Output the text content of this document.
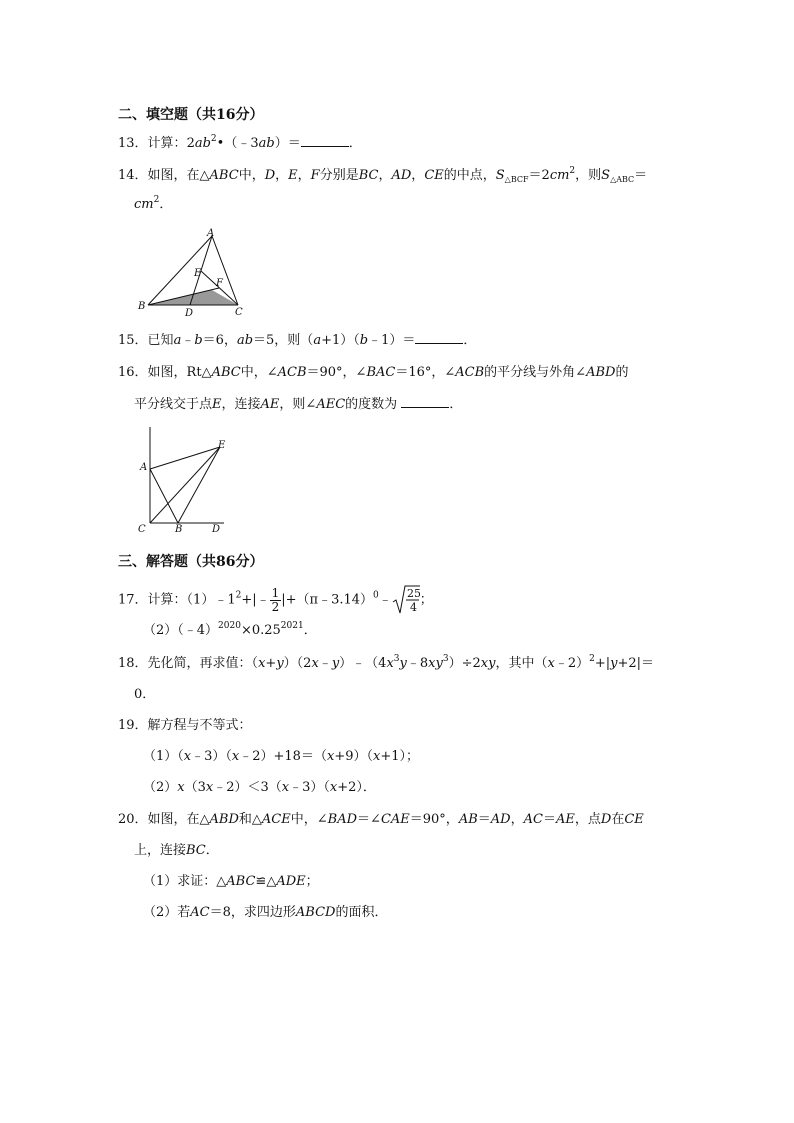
二、填空题（共16分）
13．计算：$2ab^2•(﹣3ab)=$	．
14．如图，在△ABC中，D，E，F分别是BC，AD，CE的中点，$S_{\triangle BCF}=2cm^2$，则$S_{\triangle ABC}=$
$cm^2$．
A
B
C
D
E
F
15．已知a﹣b＝6，ab＝5，则（a+1）（b﹣1）＝	．
16．如图，Rt△ABC中，∠ACB＝90°，∠BAC＝16°，∠ACB的平分线与外角∠ABD的
平分线交于点E，连接AE，则∠AEC的度数为	．
A
C	B	D
E
三、解答题（共86分）
17．计算：$(1)﹣1^2+|﹣ \frac{1}{2}$ |+（π﹣3.14）$^0$﹣ 25
4 ；
$(2)(﹣4)^{2020}\times 0.25^{2021}$．
18．先化简，再求值：$(x+y)(2x﹣y)﹣(4x^3y﹣8xy^3)\div 2xy$，其中（x﹣2）$^2$+|y+2|＝
0．
19．解方程与不等式：
（1）（x﹣3）（x﹣2）+18＝（x+9）（x+1）；
（2）x（3x﹣2）＜3（x﹣3）（x+2）．
20．如图，在△ABD和△ACE中，∠BAD＝∠CAE＝90°，AB＝AD，AC＝AE，点D在CE
上，连接BC．
（1）求证：△ABC≌△ADE；
（2）若AC＝8，求四边形ABCD的面积．
